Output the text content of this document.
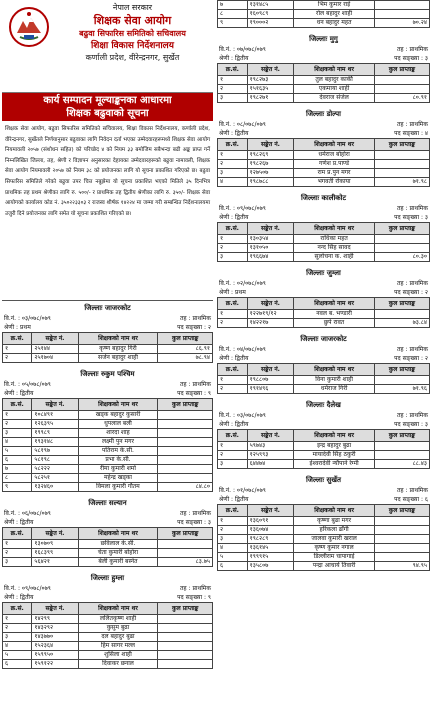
नेपाल सरकार
शिक्षक सेवा आयोग
बढुवा सिफारिस समितिको सचिवालय
शिक्षा विकास निर्देशनालय
कर्णाली प्रदेश, वीरेन्द्रनगर, सुर्खेत
कार्य सम्पादन मूल्याङ्कनका आधारमा
शिक्षक बढुवाको सूचना
शिक्षक सेवा आयोग, बढुवा सिफारिस समितिको सचिवालय, शिक्षा विकास निर्देशनालय, कर्णाली प्रदेश, वीरेन्द्रनगर, सुर्खेतले निर्णयानुसार बढुवाका लागि निवेदन दर्ता भएका उम्मेदवारहरूमध्ये शिक्षक सेवा आयोग नियमावली २०५७ (संशोधन सहित) को परिच्छेद ४ को नियम ३३ बमोजिम सबैभन्दा बढी अङ्क प्राप्त गर्ने निम्नलिखित जिल्ला, तह, श्रेणी र विज्ञापन अनुसारका देहायका उम्मेदवारहरूको बढुवा नामावली, शिक्षक सेवा आयोग नियमावली २०५७ को नियम ३८ को प्रयोजनका लागि यो सूचना प्रकाशित गरिएको छ। बढुवा सिफारिस समितिले गरेको बढुवा उपर चित्त नबुझेमा यो सूचना प्रकाशित भएको मितिले ३५ दिनभित्र प्राथमिक तह प्रथम श्रेणीका लागि रु. ५००/- र प्राथमिक तह द्वितीय श्रेणीका लागि रु. ३५०/- शिक्षक सेवा आयोगको कार्यालय कोड नं. ३५०२२३३०३ र राजस्व शीर्षक १४२२४ मा जम्मा गरी सम्बन्धित निर्देशनालयमा उजुरी दिने प्रयोजनका लागि समेत यो सूचना प्रकाशित गरिएको छ।
जिल्लाः जाजरकोट
वि.नं. : ०३/०७८/०७९	तह : प्राथमिक
श्रेणी : प्रथम	पद सङ्ख्या : २
क्र.सं.	सङ्केत नं.	शिक्षकको नाम थर	कुल प्राप्ताङ्क
१	२५१४४	कृष्ण बहादुर गिरी	८६.९१
२	२५१७०४	सर्जन बहादुर शाही	७८.९४
जिल्लाः रुकुम पश्चिम
वि.नं. : ०५/०७८/०७९	तह : प्राथमिक
श्रेणी : द्वितीय	पद सङ्ख्या : ९
क्र.सं.	सङ्केत नं.	शिक्षकको नाम थर	कुल प्राप्ताङ्क
१	१०८४९१	खड्क बहादुर कुसारी	
२	१२६३९५	धुपलाल बली	
३	१९९८९	शारदा शाह	
४	१९३१४८	लक्ष्मी पुन मगर	
५	५८१९७	पतिराम के.सी.	
६	५८१९८	प्रभा के.सी.	
७	५८२२२	रीमा कुमारी शर्मा	
८	५८२५१	महेन्द्र खड्का	
९	१३२४६०	विमला कुमारी गौतम	८४.८०
जिल्लाः सल्यान
वि.नं. : ०६/०७८/०७९	तह : प्राथमिक
श्रेणी : द्वितीय	पद सङ्ख्या : ३
क्र.सं.	सङ्केत नं.	शिक्षकको नाम थर	कुल प्राप्ताङ्क
१	१३०७०९	छविलाल के.सी.	
२	१६८३९९	चेता कुमारी बोहोरा	
३	५६४२१	बेली कुमारी बस्नेत	८३.७५
जिल्लाः हुम्ला
वि.नं. : ०९/०७८/०७९	तह : प्राथमिक
श्रेणी : द्वितीय	पद सङ्ख्या : ९
क्र.सं.	सङ्केत नं.	शिक्षकको नाम थर	कुल प्राप्ताङ्क
१	१४२९९	ललितकृष्ण शाही	
२	१४३२९२	कुसुम बुढा	
३	१४३७७०	दल बहादुर बुढा	
४	१५२३६४	हिम सागर मल्ल	
५	१५९९५०	शुसिला शाही	
६	१५९१२२	दिवाकर छनाल	
७	१३१४८५	भिम कुमार राई	
८	१६०९८९	रोल बहादुर शाही	
९	१९०००२	धन बहादुर महत	७०.२४
जिल्लाः मुगु
वि.नं. : ०७/०७८/०७९	तह : प्राथमिक
श्रेणी : द्वितीय	पद सङ्ख्या : ३
क्र.सं.	सङ्केत नं.	शिक्षकको नाम थर	कुल प्राप्ताङ्क
१	१९८२७३	तुल बहादुर कार्की	
२	१५१६३५	एकमाया शाही	
३	१९८२७१	देवराज संजेल	८०.९१
जिल्लाः डोल्पा
वि.नं. : ०८/०७८/०७९	तह : प्राथमिक
श्रेणी : द्वितीय	पद सङ्ख्या : ४
क्र.सं.	सङ्केत नं.	शिक्षकको नाम थर	कुल प्राप्ताङ्क
१	१९८२६९	धर्मराज बोहोरा	
२	१९८२६७	गणेश प्र.पाण्डे	
३	१२७५०७	राम प्र.पुन मगर	
४	१९८७८८	भगवती रोकाया	७१.९८
जिल्लाः कालीकोट
वि.नं. : ०९/०७८/०७९	तह : प्राथमिक
श्रेणी : द्वितीय	पद सङ्ख्या : ३
क्र.सं.	सङ्केत नं.	शिक्षकको नाम थर	कुल प्राप्ताङ्क
१	१३०३५४	राधिका महत	
२	१३१०५०	नन्द सिंह सावद	
३	१९६६७४	सुलोचना क. शाही	८०.३०
जिल्लाः जुम्ला
वि.नं. : ०२/०७८/०७९	तह : प्राथमिक
श्रेणी : प्रथम	पद सङ्ख्या : २
क्र.सं.	सङ्केत नं.	शिक्षकको नाम थर	कुल प्राप्ताङ्क
१	१२२७१९/१२	नवल ब. भण्डारी	
२	१४२२१७	छुपे रावत	७३.८४
जिल्लाः जाजरकोट
वि.नं. : ०४/०७८/०७९	तह : प्राथमिक
श्रेणी : द्वितीय	पद सङ्ख्या : २
क्र.सं.	सङ्केत नं.	शिक्षकको नाम थर	कुल प्राप्ताङ्क
१	१९८८०७	विना कुमारी शाही	
२	१९१४९६	धर्मराज गिरी	७१.९६
जिल्लाः दैलेख
वि.नं. : ०३/०७८/०७९	तह : प्राथमिक
श्रेणी : द्वितीय	पद सङ्ख्या : ३
क्र.सं.	सङ्केत नं.	शिक्षकको नाम थर	कुल प्राप्ताङ्क
१	५९७४३	इन्द्र बहादुर बुढा	
२	१२५९९३	मायादेवी सिंह ठकुरी	
३	६४४७४	ईश्वरादेवी न्यौपाने रेग्मी	८८.४३
जिल्लाः सुर्खेत
वि.नं. : ०१/०७८/०७९	तह : प्राथमिक
श्रेणी : द्वितीय	पद सङ्ख्या : ६
क्र.सं.	सङ्केत नं.	शिक्षकको नाम थर	कुल प्राप्ताङ्क
१	१३६०९१	कृष्णा बुढा मगर	
२	१३६०७४	हरिकला ढाँगी	
३	१९८२८९	जालवा कुमारी खराल	
४	१३६१४५	कृष्ण कुमार नगाल	
५	१९९९१५	डिल्लीराम चापागाई	
६	१३५८०७	पन्द्रा आचार्य तिवारी	९४.९५
